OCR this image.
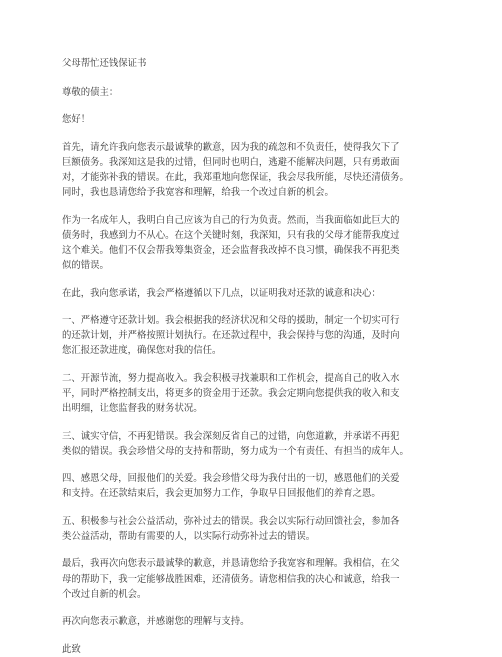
父母帮忙还钱保证书

尊敬的债主：

您好！

首先，请允许我向您表示最诚挚的歉意，因为我的疏忽和不负责任，使得我欠下了

巨额债务。我深知这是我的过错，但同时也明白，逃避不能解决问题，只有勇敢面

对，才能弥补我的错误。在此，我郑重地向您保证，我会尽我所能，尽快还清债务。

同时，我也恳请您给予我宽容和理解，给我一个改过自新的机会。

作为一名成年人，我明白自己应该为自己的行为负责。然而，当我面临如此巨大的

债务时，我感到力不从心。在这个关键时刻，我深知，只有我的父母才能帮我度过

这个难关。他们不仅会帮我筹集资金，还会监督我改掉不良习惯，确保我不再犯类

似的错误。

在此，我向您承诺，我会严格遵循以下几点，以证明我对还款的诚意和决心：

一、严格遵守还款计划。我会根据我的经济状况和父母的援助，制定一个切实可行

的还款计划，并严格按照计划执行。在还款过程中，我会保持与您的沟通，及时向

您汇报还款进度，确保您对我的信任。

二、开源节流，努力提高收入。我会积极寻找兼职和工作机会，提高自己的收入水

平，同时严格控制支出，将更多的资金用于还款。我会定期向您提供我的收入和支

出明细，让您监督我的财务状况。

三、诚实守信，不再犯错误。我会深刻反省自己的过错，向您道歉，并承诺不再犯

类似的错误。我会珍惜父母的支持和帮助，努力成为一个有责任、有担当的成年人。

四、感恩父母，回报他们的关爱。我会珍惜父母为我付出的一切，感恩他们的关爱

和支持。在还款结束后，我会更加努力工作，争取早日回报他们的养育之恩。

五、积极参与社会公益活动，弥补过去的错误。我会以实际行动回馈社会，参加各

类公益活动，帮助有需要的人，以实际行动弥补过去的错误。

最后，我再次向您表示最诚挚的歉意，并恳请您给予我宽容和理解。我相信，在父

母的帮助下，我一定能够战胜困难，还清债务。请您相信我的决心和诚意，给我一

个改过自新的机会。

再次向您表示歉意，并感谢您的理解与支持。

此致
